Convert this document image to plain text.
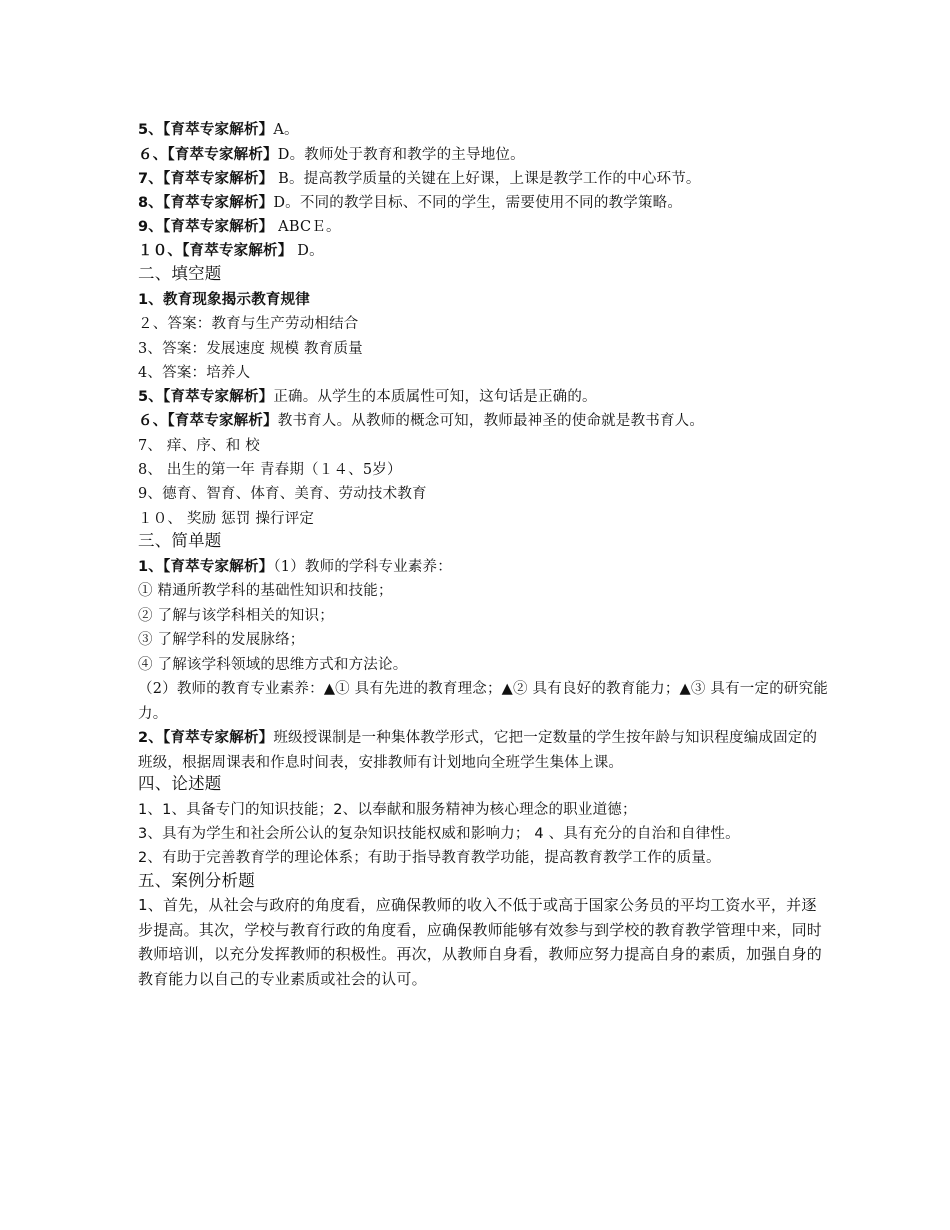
5、【育萃专家解析】A。
６、【育萃专家解析】D。教师处于教育和教学的主导地位。
7、【育萃专家解析】 B。提高教学质量的关键在上好课，上课是教学工作的中心环节。
8、【育萃专家解析】D。不同的教学目标、不同的学生，需要使用不同的教学策略。
9、【育萃专家解析】 ABCＥ。
１０、【育萃专家解析】 D。
二、填空题
1、教育现象揭示教育规律
２、答案：教育与生产劳动相结合
3、答案：发展速度 规模 教育质量
4、答案：培养人
5、【育萃专家解析】正确。从学生的本质属性可知，这句话是正确的。
６、【育萃专家解析】教书育人。从教师的概念可知，教师最神圣的使命就是教书育人。
7、 痒、序、和 校
8、 出生的第一年 青春期（１４、5岁）
9、德育、智育、体育、美育、劳动技术教育
１０、 奖励 惩罚 操行评定
三、简单题
1、【育萃专家解析】（1）教师的学科专业素养：
① 精通所教学科的基础性知识和技能；
② 了解与该学科相关的知识；
③ 了解学科的发展脉络；
④ 了解该学科领域的思维方式和方法论。
（2）教师的教育专业素养：▲① 具有先进的教育理念；▲② 具有良好的教育能力；▲③ 具有一定的研究能力。
2、【育萃专家解析】班级授课制是一种集体教学形式，它把一定数量的学生按年龄与知识程度编成固定的班级，根据周课表和作息时间表，安排教师有计划地向全班学生集体上课。
四、论述题
1、1、具备专门的知识技能；2、以奉献和服务精神为核心理念的职业道德；
3、具有为学生和社会所公认的复杂知识技能权威和影响力； 4 、具有充分的自治和自律性。
2、有助于完善教育学的理论体系；有助于指导教育教学功能，提高教育教学工作的质量。
五、案例分析题
1、首先，从社会与政府的角度看，应确保教师的收入不低于或高于国家公务员的平均工资水平，并逐步提高。其次，学校与教育行政的角度看，应确保教师能够有效参与到学校的教育教学管理中来，同时教师培训，以充分发挥教师的积极性。再次，从教师自身看，教师应努力提高自身的素质，加强自身的教育能力以自己的专业素质或社会的认可。
